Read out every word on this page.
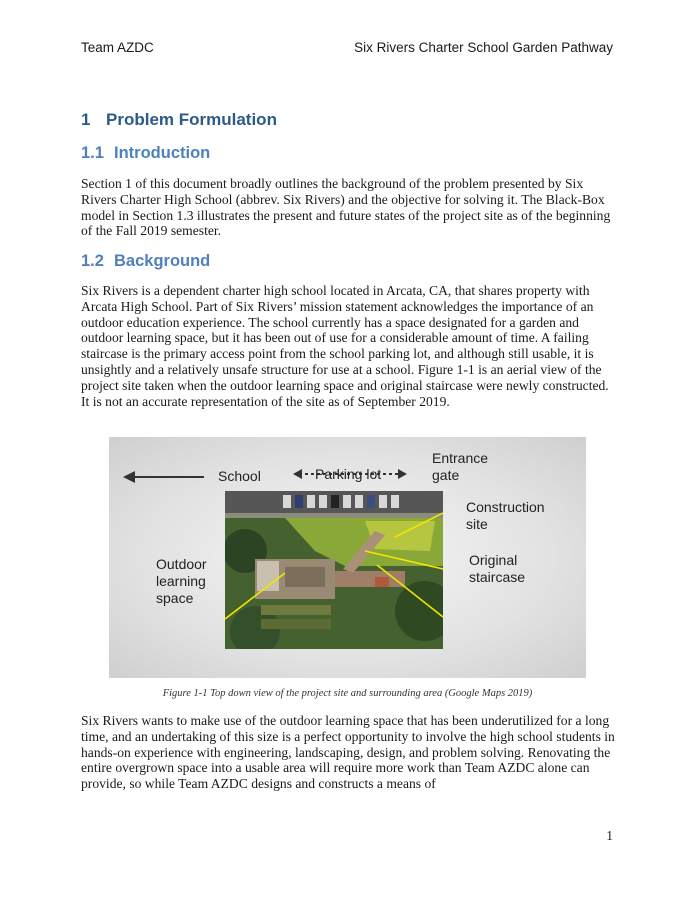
Team AZDC	Six Rivers Charter School Garden Pathway
1 Problem Formulation
1.1 Introduction

Section 1 of this document broadly outlines the background of the problem presented by Six Rivers Charter High School (abbrev. Six Rivers) and the objective for solving it. The Black-Box model in Section 1.3 illustrates the present and future states of the project site as of the beginning of the Fall 2019 semester.

1.2 Background

Six Rivers is a dependent charter high school located in Arcata, CA, that shares property with Arcata High School. Part of Six Rivers’ mission statement acknowledges the importance of an outdoor education experience. The school currently has a space designated for a garden and outdoor learning space, but it has been out of use for a considerable amount of time. A failing staircase is the primary access point from the school parking lot, and although still usable, it is unsightly and a relatively unsafe structure for use at a school. Figure 1-1 is an aerial view of the project site taken when the outdoor learning space and original staircase were newly constructed. It is not an accurate representation of the site as of September 2019.

School	Parking lot
Entrance gate
Construction site
Original staircase
Outdoor learning space
Figure 1-1 Top down view of the project site and surrounding area (Google Maps 2019)

Six Rivers wants to make use of the outdoor learning space that has been underutilized for a long time, and an undertaking of this size is a perfect opportunity to involve the high school students in hands-on experience with engineering, landscaping, design, and problem solving. Renovating the entire overgrown space into a usable area will require more work than Team AZDC alone can provide, so while Team AZDC designs and constructs a means of

1
